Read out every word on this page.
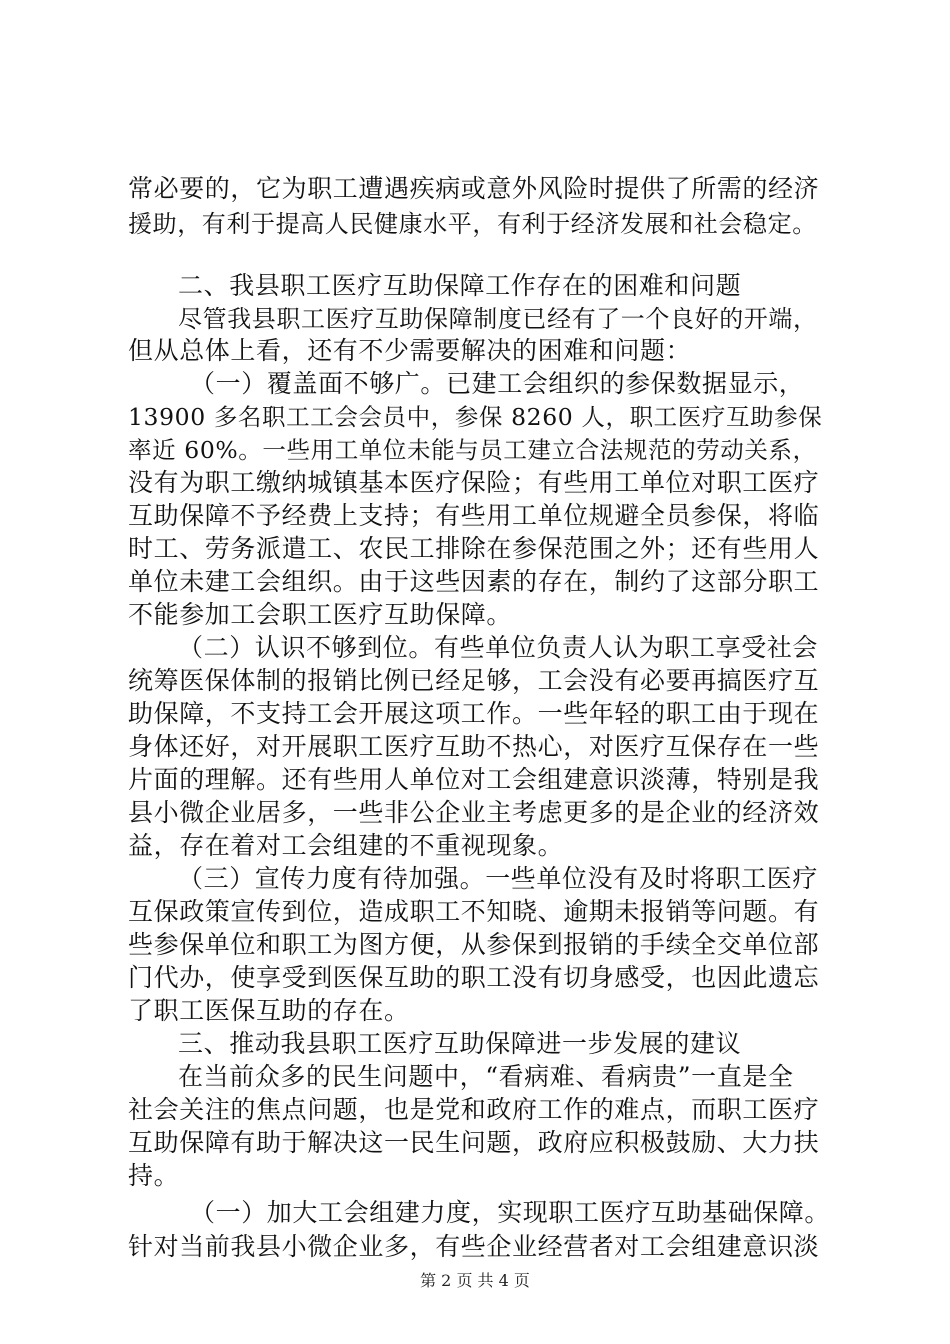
常必要的，它为职工遭遇疾病或意外风险时提供了所需的经济

援助，有利于提高人民健康水平，有利于经济发展和社会稳定。

二、我县职工医疗互助保障工作存在的困难和问题

尽管我县职工医疗互助保障制度已经有了一个良好的开端，

但从总体上看，还有不少需要解决的困难和问题：

（一）覆盖面不够广。已建工会组织的参保数据显示，

13900 多名职工工会会员中，参保 8260 人，职工医疗互助参保

率近 60%。一些用工单位未能与员工建立合法规范的劳动关系，

没有为职工缴纳城镇基本医疗保险；有些用工单位对职工医疗

互助保障不予经费上支持；有些用工单位规避全员参保，将临

时工、劳务派遣工、农民工排除在参保范围之外；还有些用人

单位未建工会组织。由于这些因素的存在，制约了这部分职工

不能参加工会职工医疗互助保障。

（二）认识不够到位。有些单位负责人认为职工享受社会

统筹医保体制的报销比例已经足够，工会没有必要再搞医疗互

助保障，不支持工会开展这项工作。一些年轻的职工由于现在

身体还好，对开展职工医疗互助不热心，对医疗互保存在一些

片面的理解。还有些用人单位对工会组建意识淡薄，特别是我

县小微企业居多，一些非公企业主考虑更多的是企业的经济效

益，存在着对工会组建的不重视现象。

（三）宣传力度有待加强。一些单位没有及时将职工医疗

互保政策宣传到位，造成职工不知晓、逾期未报销等问题。有

些参保单位和职工为图方便，从参保到报销的手续全交单位部

门代办，使享受到医保互助的职工没有切身感受，也因此遗忘

了职工医保互助的存在。

三、推动我县职工医疗互助保障进一步发展的建议

在当前众多的民生问题中，“看病难、看病贵”一直是全

社会关注的焦点问题，也是党和政府工作的难点，而职工医疗

互助保障有助于解决这一民生问题，政府应积极鼓励、大力扶

持。

（一）加大工会组建力度，实现职工医疗互助基础保障。

针对当前我县小微企业多，有些企业经营者对工会组建意识淡

第 2 页 共 4 页
